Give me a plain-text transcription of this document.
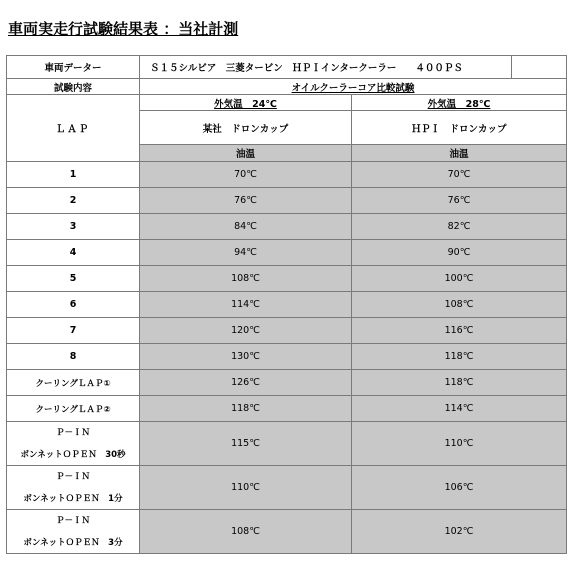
車両実走行試験結果表 ：当社計測
車両データー	Ｓ１５シルビア　三菱タービン　ＨＰＩインタークーラー　　４００ＰＳ		
試験内容	オイルクーラーコア比較試験		
ＬＡＰ	外気温　24℃	外気温　28℃	
	某社　ドロンカップ	ＨＰＩ　ドロンカップ	
	油温	油温	
1	70℃	70℃	
2	76℃	76℃	
3	84℃	82℃	
4	94℃	90℃	
5	108℃	100℃	
6	114℃	108℃	
7	120℃	116℃	
8	130℃	118℃	
クーリングＬＡＰ①	126℃	118℃	
クーリングＬＡＰ②	118℃	114℃	

Ｐ－ＩＮ
ボンネットＯＰＥＮ　30秒	115℃	110℃	

Ｐ－ＩＮ
ボンネットＯＰＥＮ　1分	110℃	106℃	

Ｐ－ＩＮ
ボンネットＯＰＥＮ　3分	108℃	102℃	
